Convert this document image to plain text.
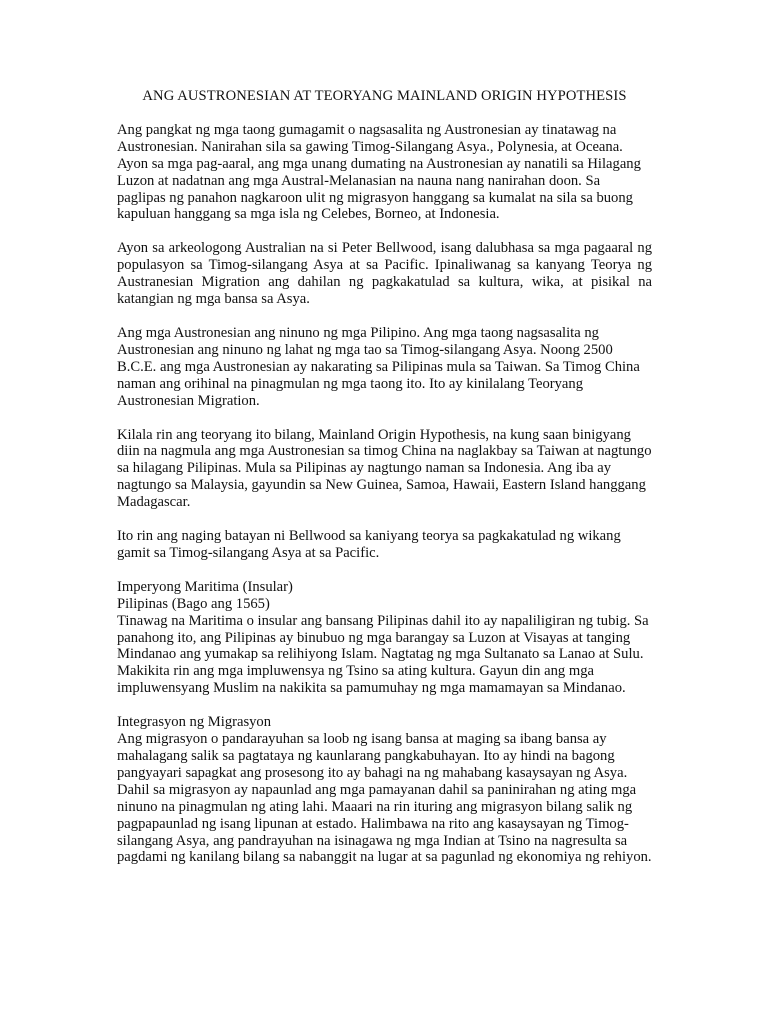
ANG AUSTRONESIAN AT TEORYANG MAINLAND ORIGIN HYPOTHESIS
Ang pangkat ng mga taong gumagamit o nagsasalita ng Austronesian ay tinatawag na Austronesian. Nanirahan sila sa gawing Timog-Silangang Asya., Polynesia, at Oceana. Ayon sa mga pag-aaral, ang mga unang dumating na Austronesian ay nanatili sa Hilagang Luzon at nadatnan ang mga Austral-Melanasian na nauna nang nanirahan doon. Sa paglipas ng panahon nagkaroon ulit ng migrasyon hanggang sa kumalat na sila sa buong kapuluan hanggang sa mga isla ng Celebes, Borneo, at Indonesia.
Ayon sa arkeologong Australian na si Peter Bellwood, isang dalubhasa sa mga pagaaral ng populasyon sa Timog-silangang Asya at sa Pacific. Ipinaliwanag sa kanyang Teorya ng Austranesian Migration ang dahilan ng pagkakatulad sa kultura, wika, at pisikal na katangian ng mga bansa sa Asya.
Ang mga Austronesian ang ninuno ng mga Pilipino. Ang mga taong nagsasalita ng Austronesian ang ninuno ng lahat ng mga tao sa Timog-silangang Asya. Noong 2500 B.C.E. ang mga Austronesian ay nakarating sa Pilipinas mula sa Taiwan. Sa Timog China naman ang orihinal na pinagmulan ng mga taong ito. Ito ay kinilalang Teoryang Austronesian Migration.
Kilala rin ang teoryang ito bilang, Mainland Origin Hypothesis, na kung saan binigyang diin na nagmula ang mga Austronesian sa timog China na naglakbay sa Taiwan at nagtungo sa hilagang Pilipinas. Mula sa Pilipinas ay nagtungo naman sa Indonesia. Ang iba ay nagtungo sa Malaysia, gayundin sa New Guinea, Samoa, Hawaii, Eastern Island hanggang Madagascar.
Ito rin ang naging batayan ni Bellwood sa kaniyang teorya sa pagkakatulad ng wikang gamit sa Timog-silangang Asya at sa Pacific.
Imperyong Maritima (Insular)
Pilipinas (Bago ang 1565)
Tinawag na Maritima o insular ang bansang Pilipinas dahil ito ay napaliligiran ng tubig. Sa panahong ito, ang Pilipinas ay binubuo ng mga barangay sa Luzon at Visayas at tanging Mindanao ang yumakap sa relihiyong Islam. Nagtatag ng mga Sultanato sa Lanao at Sulu. Makikita rin ang mga impluwensya ng Tsino sa ating kultura. Gayun din ang mga impluwensyang Muslim na nakikita sa pamumuhay ng mga mamamayan sa Mindanao.
Integrasyon ng Migrasyon
Ang migrasyon o pandarayuhan sa loob ng isang bansa at maging sa ibang bansa ay mahalagang salik sa pagtataya ng kaunlarang pangkabuhayan. Ito ay hindi na bagong pangyayari sapagkat ang prosesong ito ay bahagi na ng mahabang kasaysayan ng Asya. Dahil sa migrasyon ay napaunlad ang mga pamayanan dahil sa paninirahan ng ating mga ninuno na pinagmulan ng ating lahi. Maaari na rin ituring ang migrasyon bilang salik ng pagpapaunlad ng isang lipunan at estado. Halimbawa na rito ang kasaysayan ng Timog-silangang Asya, ang pandrayuhan na isinagawa ng mga Indian at Tsino na nagresulta sa pagdami ng kanilang bilang sa nabanggit na lugar at sa pagunlad ng ekonomiya ng rehiyon.
